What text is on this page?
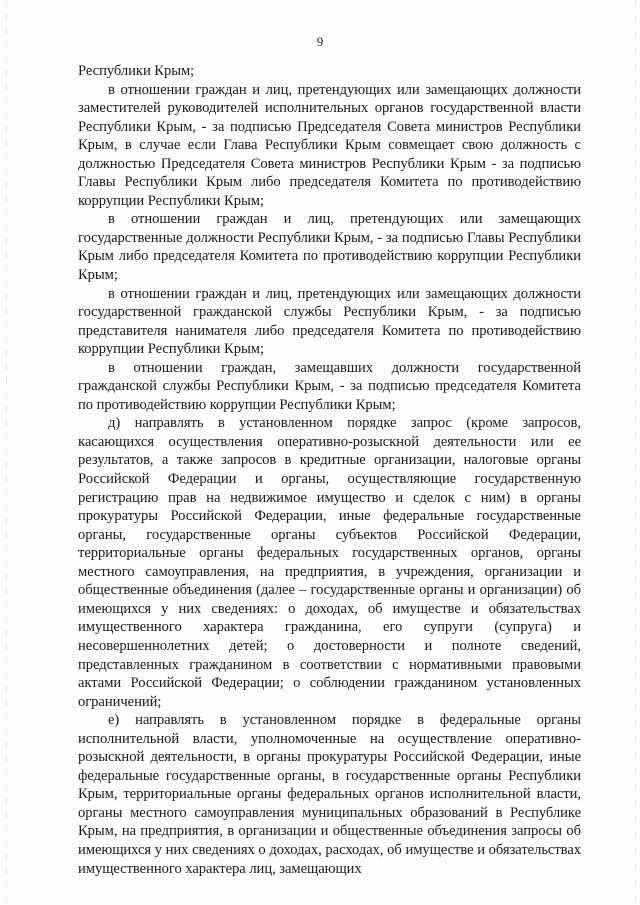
9

Республики Крым;

в отношении граждан и лиц, претендующих или замещающих должности заместителей руководителей исполнительных органов государственной власти Республики Крым, - за подписью Председателя Совета министров Республики Крым, в случае если Глава Республики Крым совмещает свою должность с должностью Председателя Совета министров Республики Крым - за подписью Главы Республики Крым либо председателя Комитета по противодействию коррупции Республики Крым;

в отношении граждан и лиц, претендующих или замещающих государственные должности Республики Крым, - за подписью Главы Республики Крым либо председателя Комитета по противодействию коррупции Республики Крым;

в отношении граждан и лиц, претендующих или замещающих должности государственной гражданской службы Республики Крым, - за подписью представителя нанимателя либо председателя Комитета по противодействию коррупции Республики Крым;

в отношении граждан, замещавших должности государственной гражданской службы Республики Крым, - за подписью председателя Комитета по противодействию коррупции Республики Крым;

д) направлять в установленном порядке запрос (кроме запросов, касающихся осуществления оперативно-розыскной деятельности или ее результатов, а также запросов в кредитные организации, налоговые органы Российской Федерации и органы, осуществляющие государственную регистрацию прав на недвижимое имущество и сделок с ним) в органы прокуратуры Российской Федерации, иные федеральные государственные органы, государственные органы субъектов Российской Федерации, территориальные органы федеральных государственных органов, органы местного самоуправления, на предприятия, в учреждения, организации и общественные объединения (далее – государственные органы и организации) об имеющихся у них сведениях: о доходах, об имуществе и обязательствах имущественного характера гражданина, его супруги (супруга) и несовершеннолетних детей; о достоверности и полноте сведений, представленных гражданином в соответствии с нормативными правовыми актами Российской Федерации; о соблюдении гражданином установленных ограничений;

е) направлять в установленном порядке в федеральные органы исполнительной власти, уполномоченные на осуществление оперативно-розыскной деятельности, в органы прокуратуры Российской Федерации, иные федеральные государственные органы, в государственные органы Республики Крым, территориальные органы федеральных органов исполнительной власти, органы местного самоуправления муниципальных образований в Республике Крым, на предприятия, в организации и общественные объединения запросы об имеющихся у них сведениях о доходах, расходах, об имуществе и обязательствах имущественного характера лиц, замещающих
